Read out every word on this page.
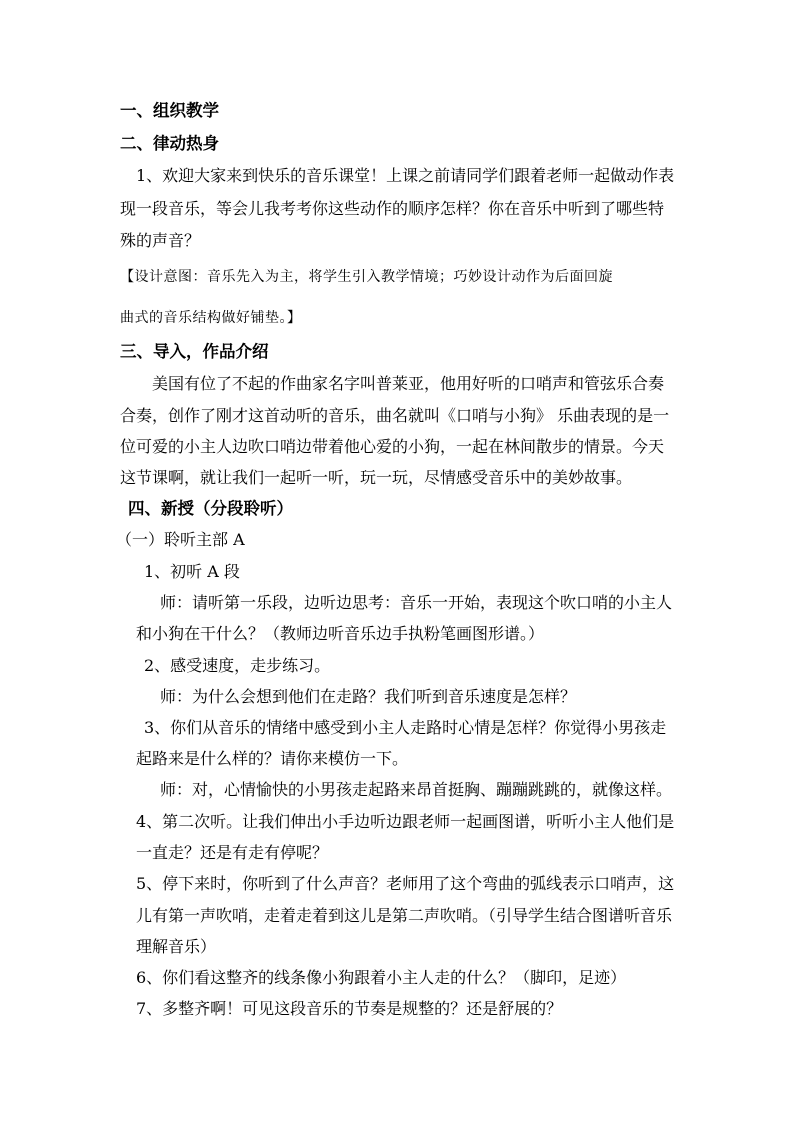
一、组织教学
二、律动热身
1、欢迎大家来到快乐的音乐课堂！上课之前请同学们跟着老师一起做动作表
现一段音乐，等会儿我考考你这些动作的顺序怎样？你在音乐中听到了哪些特
殊的声音？
【设计意图：音乐先入为主，将学生引入教学情境；巧妙设计动作为后面回旋
曲式的音乐结构做好铺垫。】
三、导入，作品介绍
美国有位了不起的作曲家名字叫普莱亚，他用好听的口哨声和管弦乐合奏
合奏，创作了刚才这首动听的音乐，曲名就叫《口哨与小狗》 乐曲表现的是一
位可爱的小主人边吹口哨边带着他心爱的小狗，一起在林间散步的情景。今天
这节课啊，就让我们一起听一听，玩一玩，尽情感受音乐中的美妙故事。
四、新授（分段聆听）
（一）聆听主部 A
1、初听 A 段
师：请听第一乐段，边听边思考：音乐一开始，表现这个吹口哨的小主人
和小狗在干什么？（教师边听音乐边手执粉笔画图形谱。）
2、感受速度，走步练习。
师：为什么会想到他们在走路？我们听到音乐速度是怎样？
3、你们从音乐的情绪中感受到小主人走路时心情是怎样？你觉得小男孩走
起路来是什么样的？请你来模仿一下。
师：对，心情愉快的小男孩走起路来昂首挺胸、蹦蹦跳跳的，就像这样。
4、第二次听。让我们伸出小手边听边跟老师一起画图谱，听听小主人他们是
一直走？还是有走有停呢？
5、停下来时，你听到了什么声音？老师用了这个弯曲的弧线表示口哨声，这
儿有第一声吹哨，走着走着到这儿是第二声吹哨。（引导学生结合图谱听音乐
理解音乐）
6、你们看这整齐的线条像小狗跟着小主人走的什么？（脚印，足迹）
7、多整齐啊！可见这段音乐的节奏是规整的？还是舒展的？
